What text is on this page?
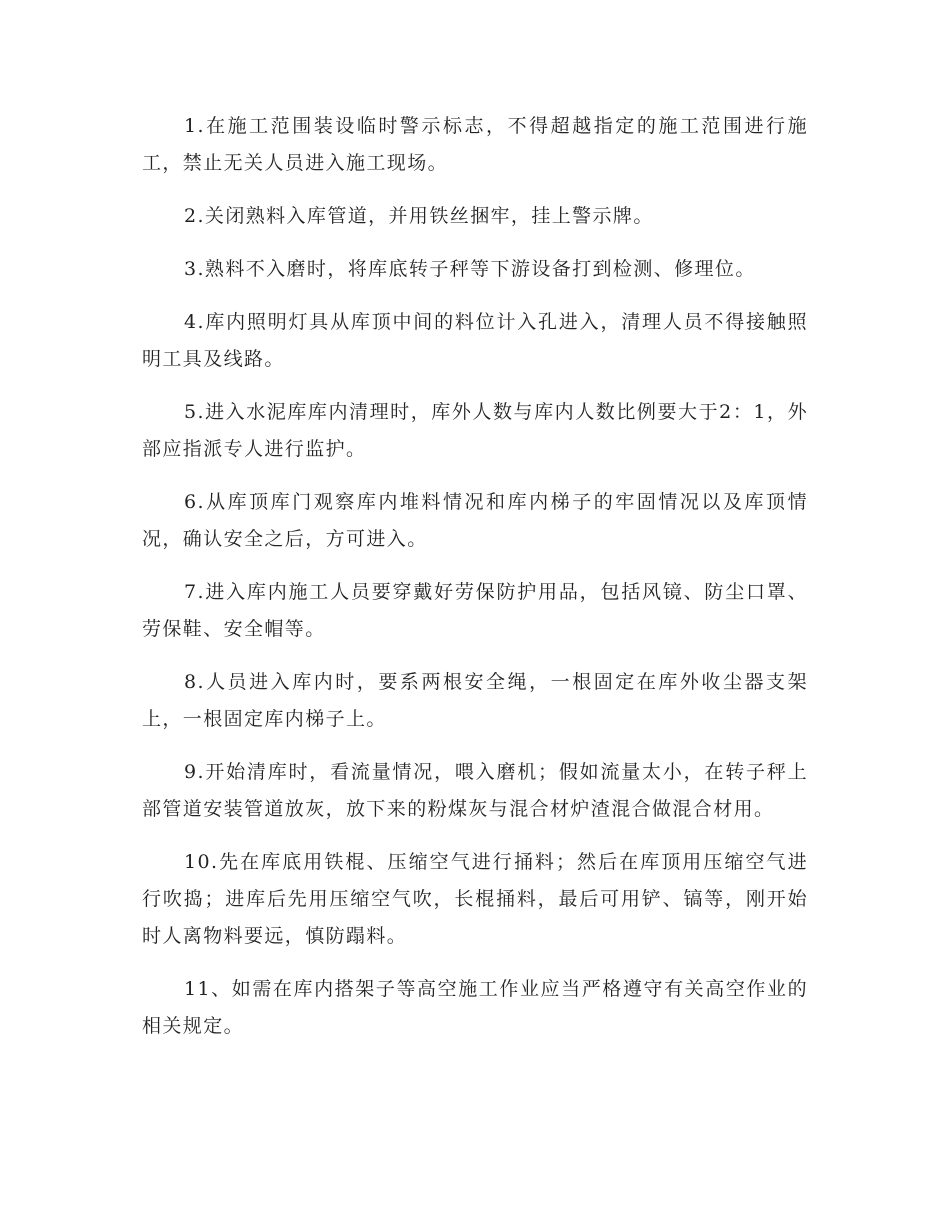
1.在施工范围装设临时警示标志，不得超越指定的施工范围进行施工，禁止无关人员进入施工现场。

2.关闭熟料入库管道，并用铁丝捆牢，挂上警示牌。

3.熟料不入磨时，将库底转子秤等下游设备打到检测、修理位。

4.库内照明灯具从库顶中间的料位计入孔进入，清理人员不得接触照明工具及线路。

5.进入水泥库库内清理时，库外人数与库内人数比例要大于2：1，外部应指派专人进行监护。

6.从库顶库门观察库内堆料情况和库内梯子的牢固情况以及库顶情况，确认安全之后，方可进入。

7.进入库内施工人员要穿戴好劳保防护用品，包括风镜、防尘口罩、劳保鞋、安全帽等。

8.人员进入库内时，要系两根安全绳，一根固定在库外收尘器支架上，一根固定库内梯子上。

9.开始清库时，看流量情况，喂入磨机；假如流量太小，在转子秤上部管道安装管道放灰，放下来的粉煤灰与混合材炉渣混合做混合材用。

10.先在库底用铁棍、压缩空气进行捅料；然后在库顶用压缩空气进行吹捣；进库后先用压缩空气吹，长棍捅料，最后可用铲、镐等，刚开始时人离物料要远，慎防蹋料。

11、如需在库内搭架子等高空施工作业应当严格遵守有关高空作业的相关规定。
